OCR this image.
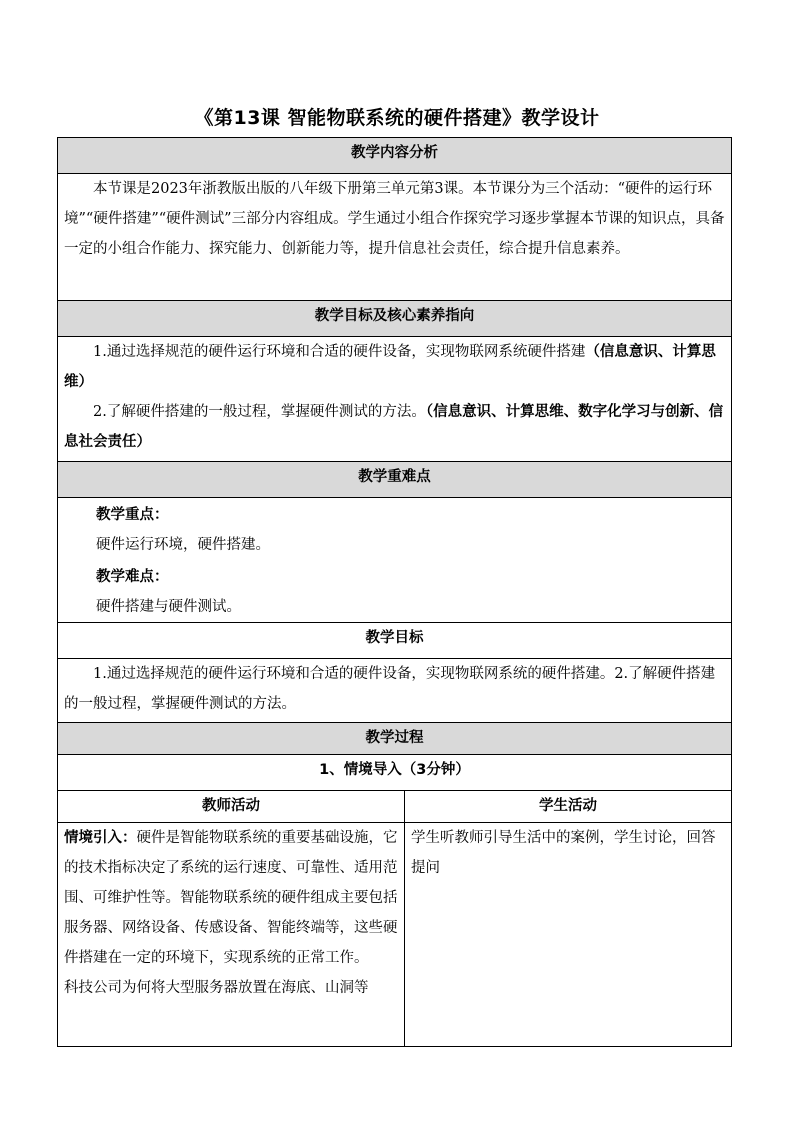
《第13课 智能物联系统的硬件搭建》教学设计
教学内容分析	

本节课是2023年浙教版出版的八年级下册第三单元第3课。本节课分为三个活动：“硬件的运行环境”“硬件搭建”“硬件测试”三部分内容组成。学生通过小组合作探究学习逐步掌握本节课的知识点，具备一定的小组合作能力、探究能力、创新能力等，提升信息社会责任，综合提升信息素养。	

教学目标及核心素养指向	

1.通过选择规范的硬件运行环境和合适的硬件设备，实现物联网系统硬件搭建（信息意识、计算思维）

2.了解硬件搭建的一般过程，掌握硬件测试的方法。（信息意识、计算思维、数字化学习与创新、信息社会责任）	

教学重难点	

教学重点：
硬件运行环境，硬件搭建。
教学难点：
硬件搭建与硬件测试。	

教学目标	

1.通过选择规范的硬件运行环境和合适的硬件设备，实现物联网系统的硬件搭建。2.了解硬件搭建的一般过程，掌握硬件测试的方法。	

教学过程	
1、情境导入（3分钟）	
教师活动	学生活动
情境引入：硬件是智能物联系统的重要基础设施，它的技术指标决定了系统的运行速度、可靠性、适用范围、可维护性等。智能物联系统的硬件组成主要包括服务器、网络设备、传感设备、智能终端等，这些硬件搭建在一定的环境下，实现系统的正常工作。
科技公司为何将大型服务器放置在海底、山洞等	学生听教师引导生活中的案例，学生讨论，回答提问
